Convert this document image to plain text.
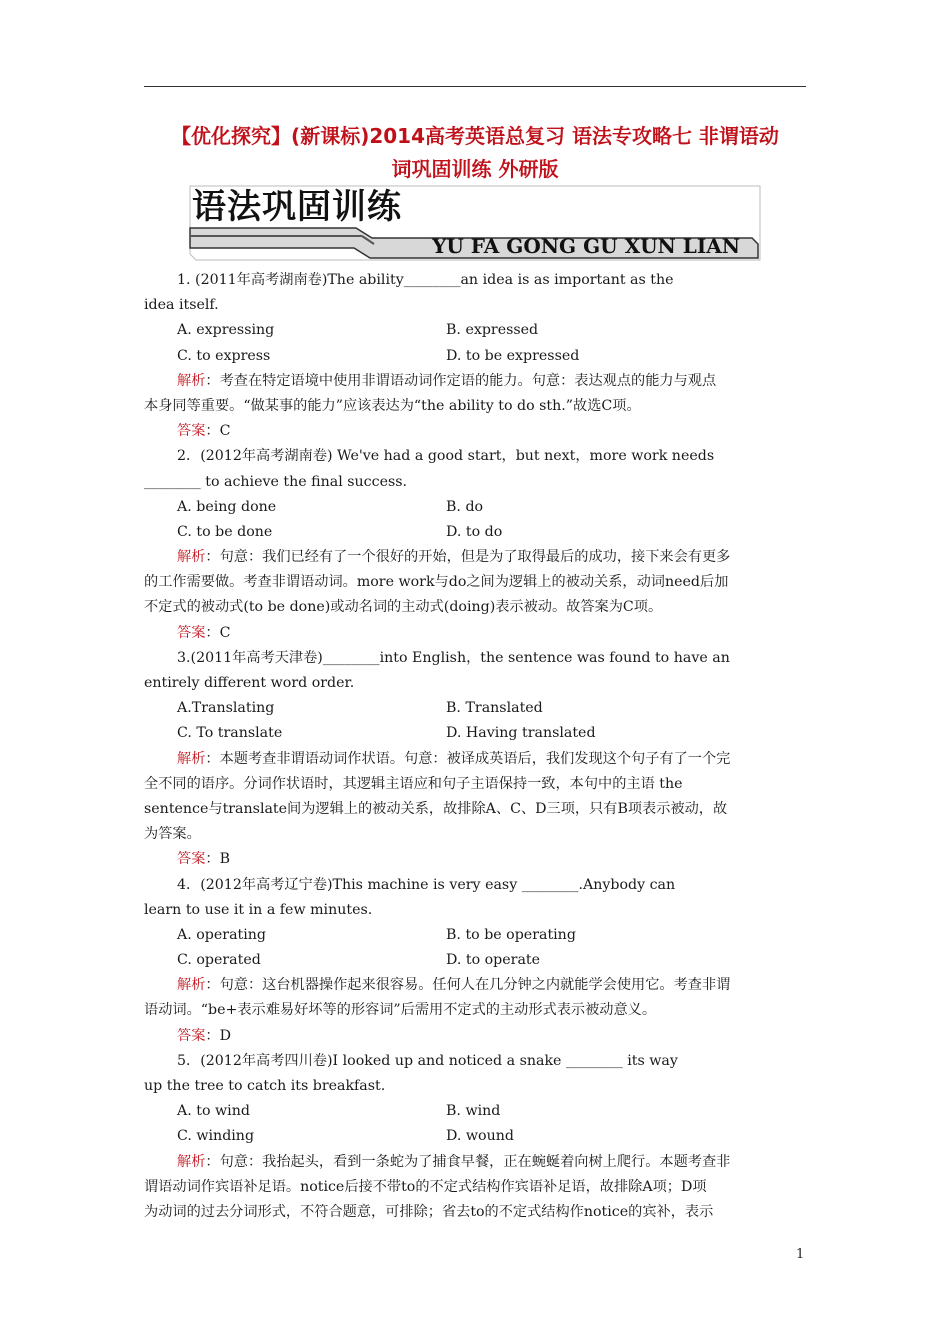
【优化探究】(新课标)2014高考英语总复习 语法专攻略七 非谓语动
词巩固训练 外研版
语法巩固训练
YU FA GONG GU XUN LIAN
1. (2011年高考湖南卷)The ability________an idea is as important as the
idea itself.
A. expressing	B. expressed
C. to express	D. to be expressed
解析：考查在特定语境中使用非谓语动词作定语的能力。句意：表达观点的能力与观点
本身同等重要。“做某事的能力”应该表达为“the ability to do sth.”故选C项。
答案：C
2．(2012年高考湖南卷) We've had a good start，but next，more work needs
________ to achieve the final success.
A. being done	B. do
C. to be done	D. to do
解析：句意：我们已经有了一个很好的开始，但是为了取得最后的成功，接下来会有更多
的工作需要做。考查非谓语动词。more work与do之间为逻辑上的被动关系，动词need后加
不定式的被动式(to be done)或动名词的主动式(doing)表示被动。故答案为C项。
答案：C
3.(2011年高考天津卷)________into English，the sentence was found to have an
entirely different word order.
A.Translating	B. Translated
C. To translate	D. Having translated
解析：本题考查非谓语动词作状语。句意：被译成英语后，我们发现这个句子有了一个完
全不同的语序。分词作状语时，其逻辑主语应和句子主语保持一致，本句中的主语 the
sentence与translate间为逻辑上的被动关系，故排除A、C、D三项，只有B项表示被动，故
为答案。
答案：B
4．(2012年高考辽宁卷)This machine is very easy ________.Anybody can
learn to use it in a few minutes.
A. operating	B. to be operating
C. operated	D. to operate
解析：句意：这台机器操作起来很容易。任何人在几分钟之内就能学会使用它。考查非谓
语动词。“be+表示难易好坏等的形容词”后需用不定式的主动形式表示被动意义。
答案：D
5．(2012年高考四川卷)I looked up and noticed a snake ________ its way
up the tree to catch its breakfast.
A. to wind	B. wind
C. winding	D. wound
解析：句意：我抬起头，看到一条蛇为了捕食早餐，正在蜿蜒着向树上爬行。本题考查非
谓语动词作宾语补足语。notice后接不带to的不定式结构作宾语补足语，故排除A项；D项
为动词的过去分词形式，不符合题意，可排除；省去to的不定式结构作notice的宾补，表示
1
